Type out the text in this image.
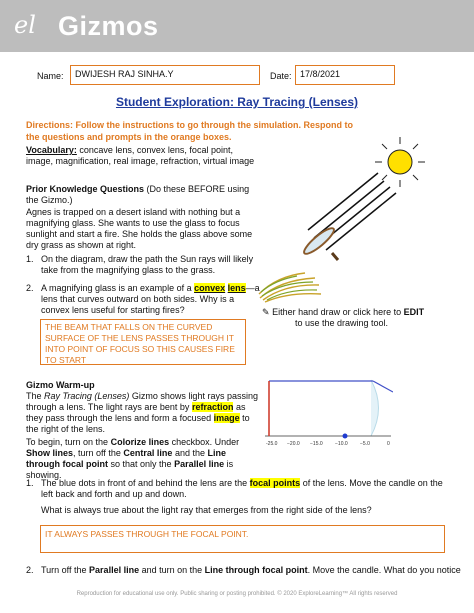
el Gizmos
Name:	DWIJESH RAJ SINHA.Y	Date: 17/8/2021
Student Exploration: Ray Tracing (Lenses)
Directions: Follow the instructions to go through the simulation. Respond to the questions and prompts in the orange boxes.
Vocabulary: concave lens, convex lens, focal point, image, magnification, real image, refraction, virtual image
Prior Knowledge Questions (Do these BEFORE using the Gizmo.)
Agnes is trapped on a desert island with nothing but a magnifying glass. She wants to use the glass to focus sunlight and start a fire. She holds the glass above some dry grass as shown at right.
1. On the diagram, draw the path the Sun rays will likely take from the magnifying glass to the grass.
2. A magnifying glass is an example of a convex lens—a lens that curves outward on both sides. Why is a convex lens useful for starting fires?
THE BEAM THAT FALLS ON THE CURVED SURFACE OF THE LENS PASSES THROUGH IT INTO POINT OF FOCUS SO THIS CAUSES FIRE TO START
✎ Either hand draw or click here to EDIT
to use the drawing tool.
Gizmo Warm-up
The Ray Tracing (Lenses) Gizmo shows light rays passing through a lens. The light rays are bent by refraction as they pass through the lens and form a focused image to the right of the lens.
To begin, turn on the Colorize lines checkbox. Under Show lines, turn off the Central line and the Line through focal point so that only the Parallel line is showing.
-25.0 −20.0 −15.0 −10.0 −5.0	0
1. The blue dots in front of and behind the lens are the focal points of the lens. Move the candle on the left back and forth and up and down.
What is always true about the light ray that emerges from the right side of the lens?
IT ALWAYS PASSES THROUGH THE FOCAL POINT.
2. Turn off the Parallel line and turn on the Line through focal point. Move the candle. What do you notice
Reproduction for educational use only. Public sharing or posting prohibited. © 2020 ExploreLearning™ All rights reserved
